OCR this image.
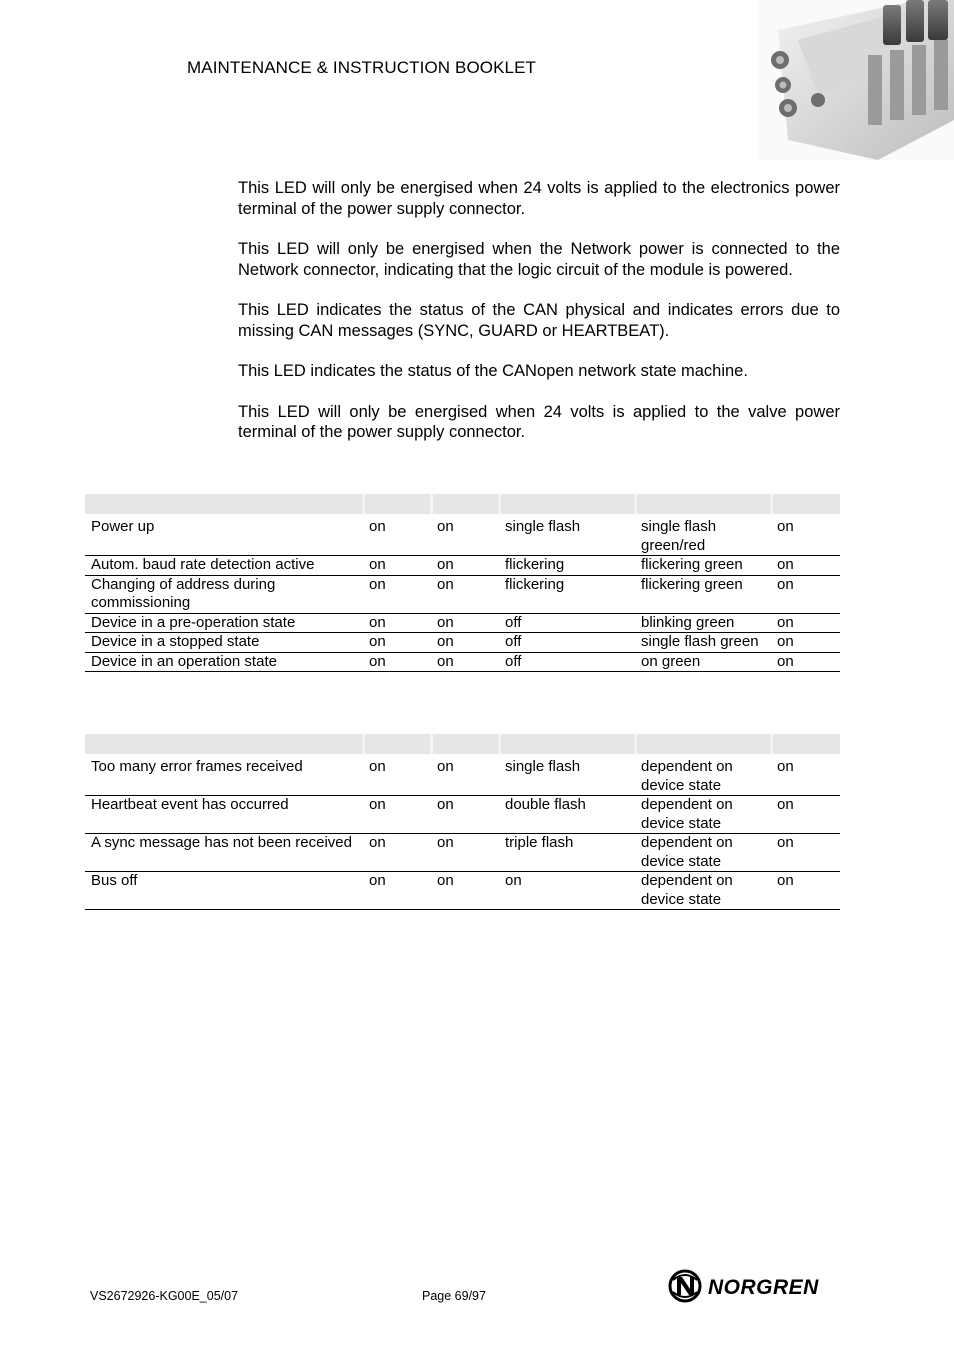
MAINTENANCE & INSTRUCTION BOOKLET

This LED will only be energised when 24 volts is applied to the electronics power terminal of the power supply connector.

This LED will only be energised when the Network power is connected to the Network connector, indicating that the logic circuit of the module is powered.

This LED indicates the status of the CAN physical and indicates errors due to missing CAN messages (SYNC, GUARD or HEARTBEAT).

This LED indicates the status of the CANopen network state machine.

This LED will only be energised when 24 volts is applied to the valve power terminal of the power supply connector.

Power up	on	on	single flash	single flash green/red	on
Autom. baud rate detection active	on	on	flickering	flickering green	on
Changing of address during commissioning	on	on	flickering	flickering green	on
Device in a pre-operation state	on	on	off	blinking green	on
Device in a stopped state	on	on	off	single flash green	on
Device in an operation state	on	on	off	on green	on

Too many error frames received	on	on	single flash	dependent on device state	on
Heartbeat event has occurred	on	on	double flash	dependent on device state	on
A sync message has not been received	on	on	triple flash	dependent on device state	on
Bus off	on	on	on	dependent on device state	on
VS2672926-KG00E_05/07	Page 69/97	NORGREN
